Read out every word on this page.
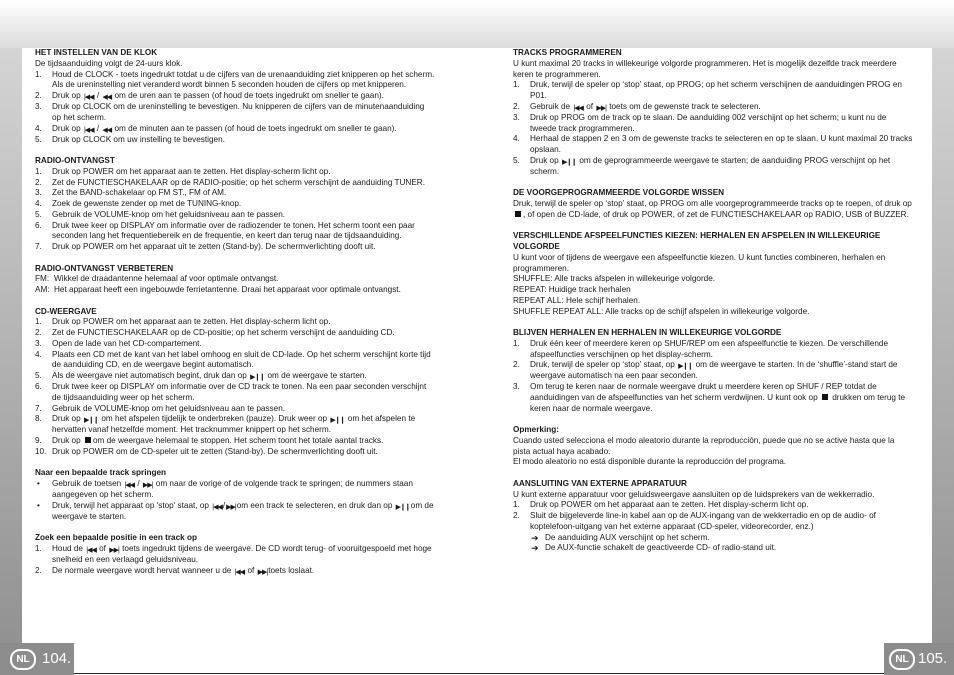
HET INSTELLEN VAN DE KLOK
De tijdsaanduiding volgt de 24-uurs klok.
1. Houd de CLOCK - toets ingedrukt totdat u de cijfers van de urenaanduiding ziet knipperen op het scherm. Als de ureninstelling niet veranderd wordt binnen 5 seconden houden de cijfers op met knipperen.
2. Druk op |◀◀ / ◀◀ om de uren aan te passen (of houd de toets ingedrukt om sneller te gaan).
3. Druk op CLOCK om de ureninstelling te bevestigen. Nu knipperen de cijfers van de minutenaanduiding op het scherm.
4. Druk op |◀◀ / ◀◀ om de minuten aan te passen (of houd de toets ingedrukt om sneller te gaan).
5. Druk op CLOCK om uw instelling te bevestigen.
RADIO-ONTVANGST
1. Druk op POWER om het apparaat aan te zetten. Het display-scherm licht op.
2. Zet de FUNCTIESCHAKELAAR op de RADIO-positie; op het scherm verschijnt de aanduiding TUNER.
3. Zet the BAND-schakelaar op FM ST., FM of AM.
4. Zoek de gewenste zender op met de TUNING-knop.
5. Gebruik de VOLUME-knop om het geluidsniveau aan te passen.
6. Druk twee keer op DISPLAY om informatie over de radiozender te tonen. Het scherm toont een paar seconden lang het frequentiebereik en de frequentie, en keert dan terug naar de tijdsaanduiding.
7. Druk op POWER om het apparaat uit te zetten (Stand-by). De schermverlichting dooft uit.
RADIO-ONTVANGST VERBETEREN
FM: Wikkel de draadantenne helemaal af voor optimale ontvangst.
AM: Het apparaat heeft een ingebouwde ferrietantenne. Draai het apparaat voor optimale ontvangst.
CD-WEERGAVE
1. Druk op POWER om het apparaat aan te zetten. Het display-scherm licht op.
2. Zet de FUNCTIESCHAKELAAR op de CD-positie; op het scherm verschijnt de aanduiding CD.
3. Open de lade van het CD-compartement.
4. Plaats een CD met de kant van het label omhoog en sluit de CD-lade. Op het scherm verschijnt korte tijd de aanduiding CD, en de weergave begint automatisch.
5. Als de weergave niet automatisch begint, druk dan op ▶❙❙ om de weergave te starten.
6. Druk twee keer op DISPLAY om informatie over de CD track te tonen. Na een paar seconden verschijnt de tijdsaanduiding weer op het scherm.
7. Gebruik de VOLUME-knop om het geluidsniveau aan te passen.
8. Druk op ▶❙❙ om het afspelen tijdelijk te onderbreken (pauze). Druk weer op ▶❙❙ om het afspelen te hervatten vanaf hetzelfde moment. Het tracknummer knippert op het scherm.
9. Druk op om de weergave helemaal te stoppen. Het scherm toont het totale aantal tracks.
10. Druk op POWER om de CD-speler uit te zetten (Stand-by). De schermverlichting dooft uit.
Naar een bepaalde track springen
• Gebruik de toetsen |◀◀ / ▶▶| om naar de vorige of de volgende track te springen; de nummers staan aangegeven op het scherm.
• Druk, terwijl het apparaat op 'stop' staat, op |◀◀/▶▶|om een track te selecteren, en druk dan op ▶❙❙om de weergave te starten.
Zoek een bepaalde positie in een track op
1. Houd de |◀◀ of ▶▶| toets ingedrukt tijdens de weergave. De CD wordt terug- of vooruitgespoeld met hoge snelheid en een verlaagd geluidsniveau.
2. De normale weergave wordt hervat wanneer u de |◀◀ of ▶▶|toets loslaat.
TRACKS PROGRAMMEREN
U kunt maximal 20 tracks in willekeurige volgorde programmeren. Het is mogelijk dezelfde track meerdere keren te programmeren.
1. Druk, terwijl de speler op ‘stop’ staat, op PROG; op het scherm verschijnen de aanduidingen PROG en P01.
2. Gebruik de |◀◀ of ▶▶| toets om de gewenste track te selecteren.
3. Druk op PROG om de track op te slaan. De aanduiding 002 verschijnt op het scherm; u kunt nu de tweede track programmeren.
4. Herhaal de stappen 2 en 3 om de gewenste tracks te selecteren en op te slaan. U kunt maximal 20 tracks opslaan.
5. Druk op ▶❙❙ om de geprogrammeerde weergave te starten; de aanduiding PROG verschijnt op het scherm.
DE VOORGEPROGRAMMEERDE VOLGORDE WISSEN
Druk, terwijl de speler op ‘stop’ staat, op PROG om alle voorgeprogrammeerde tracks op te roepen, of druk op , of open de CD-lade, of druk op POWER, of zet de FUNCTIESCHAKELAAR op RADIO, USB of BUZZER.
VERSCHILLENDE AFSPEELFUNCTIES KIEZEN: HERHALEN EN AFSPELEN IN WILLEKEURIGE VOLGORDE
U kunt voor of tijdens de weergave een afspeelfunctie kiezen. U kunt functies combineren, herhalen en programmeren.
SHUFFLE: Alle tracks afspelen in willekeurige volgorde.
REPEAT: Huidige track herhalen
REPEAT ALL: Hele schijf herhalen.
SHUFFLE REPEAT ALL: Alle tracks op de schijf afspelen in willekeurige volgorde.
BLIJVEN HERHALEN EN HERHALEN IN WILLEKEURIGE VOLGORDE
1. Druk één keer of meerdere keren op SHUF/REP om een afspeelfunctie te kiezen. De verschillende afspeelfuncties verschijnen op het display-scherm.
2. Druk, terwijl de speler op ‘stop’ staat, op ▶❙❙ om de weergave te starten. In de ‘shuffle’-stand start de weergave automatisch na een paar seconden.
3. Om terug te keren naar de normale weergave drukt u meerdere keren op SHUF / REP totdat de aanduidingen van de afspeelfuncties van het scherm verdwijnen. U kunt ook op drukken om terug te keren naar de normale weergave.
Opmerking:
Cuando usted selecciona el modo aleatorio durante la reproducción, puede que no se active hasta que la pista actual haya acabado.
El modo aleatorio no está disponible durante la reproducción del programa.
AANSLUITING VAN EXTERNE APPARATUUR
U kunt externe apparatuur voor geluidsweergave aansluiten op de luidsprekers van de wekkerradio.
1. Druk op POWER om het apparaat aan te zetten. Het display-scherm licht op.
2. Sluit de bijgeleverde line-in kabel aan op de AUX-ingang van de wekkerradio en op de audio- of koptelefoon-uitgang van het externe apparaat (CD-speler, videorecorder, enz.)
➔ De aanduiding AUX verschijnt op het scherm.
➔ De AUX-functie schakelt de geactiveerde CD- of radio-stand uit.
NL 104.	NL 105.
